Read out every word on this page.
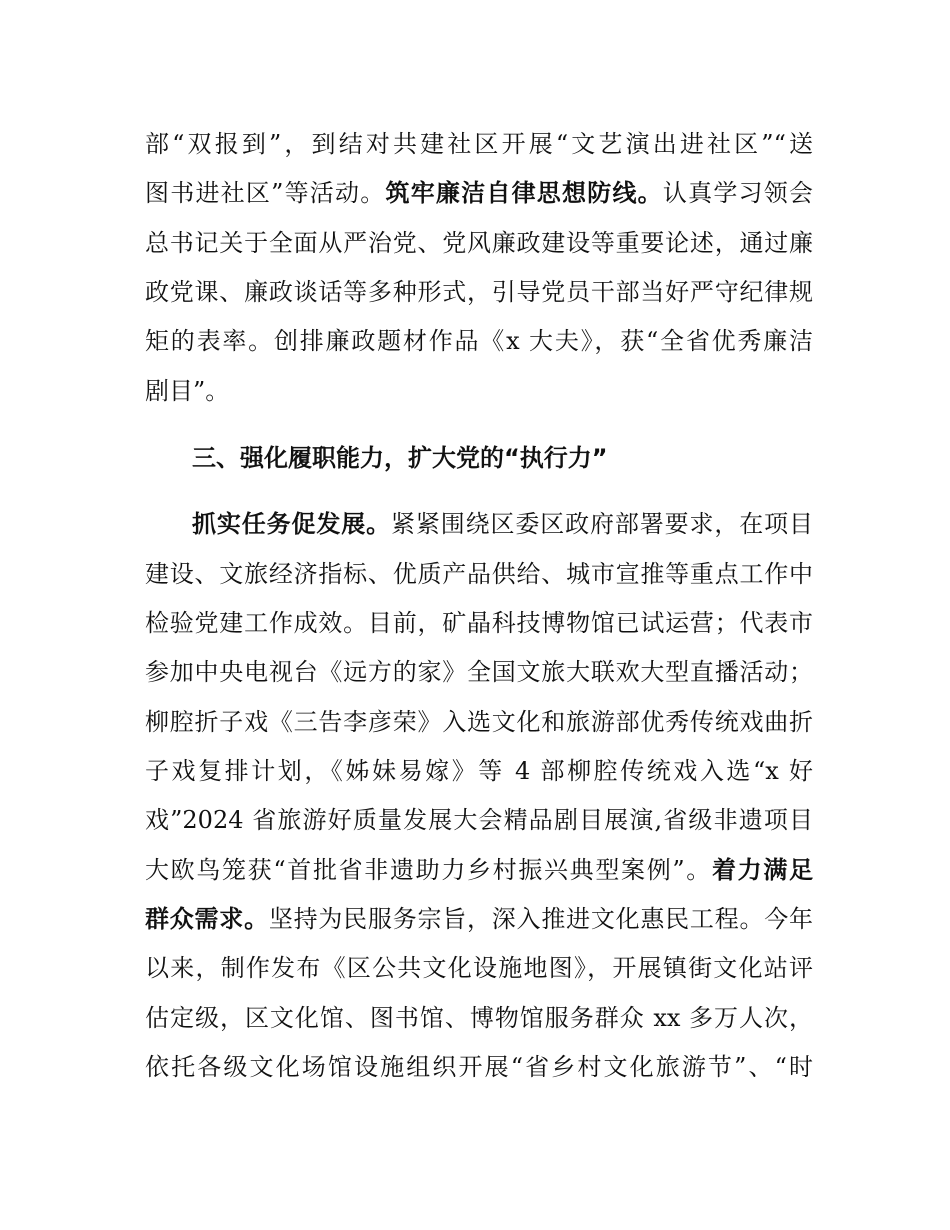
部“双报到”，到结对共建社区开展“文艺演出进社区”“送
图书进社区”等活动。筑牢廉洁自律思想防线。认真学习领会
总书记关于全面从严治党、党风廉政建设等重要论述，通过廉
政党课、廉政谈话等多种形式，引导党员干部当好严守纪律规
矩的表率。创排廉政题材作品《x 大夫》，获“全省优秀廉洁
剧目”。
三、强化履职能力，扩大党的“执行力”
抓实任务促发展。紧紧围绕区委区政府部署要求，在项目
建设、文旅经济指标、优质产品供给、城市宣推等重点工作中
检验党建工作成效。目前，矿晶科技博物馆已试运营；代表市
参加中央电视台《远方的家》全国文旅大联欢大型直播活动；
柳腔折子戏《三告李彦荣》入选文化和旅游部优秀传统戏曲折
子戏复排计划，《姊妹易嫁》等 4 部柳腔传统戏入选“x 好
戏”2024 省旅游好质量发展大会精品剧目展演,省级非遗项目
大欧鸟笼获“首批省非遗助力乡村振兴典型案例”。着力满足
群众需求。坚持为民服务宗旨，深入推进文化惠民工程。今年
以来，制作发布《区公共文化设施地图》，开展镇街文化站评
估定级，区文化馆、图书馆、博物馆服务群众 xx 多万人次，
依托各级文化场馆设施组织开展“省乡村文化旅游节”、“时
